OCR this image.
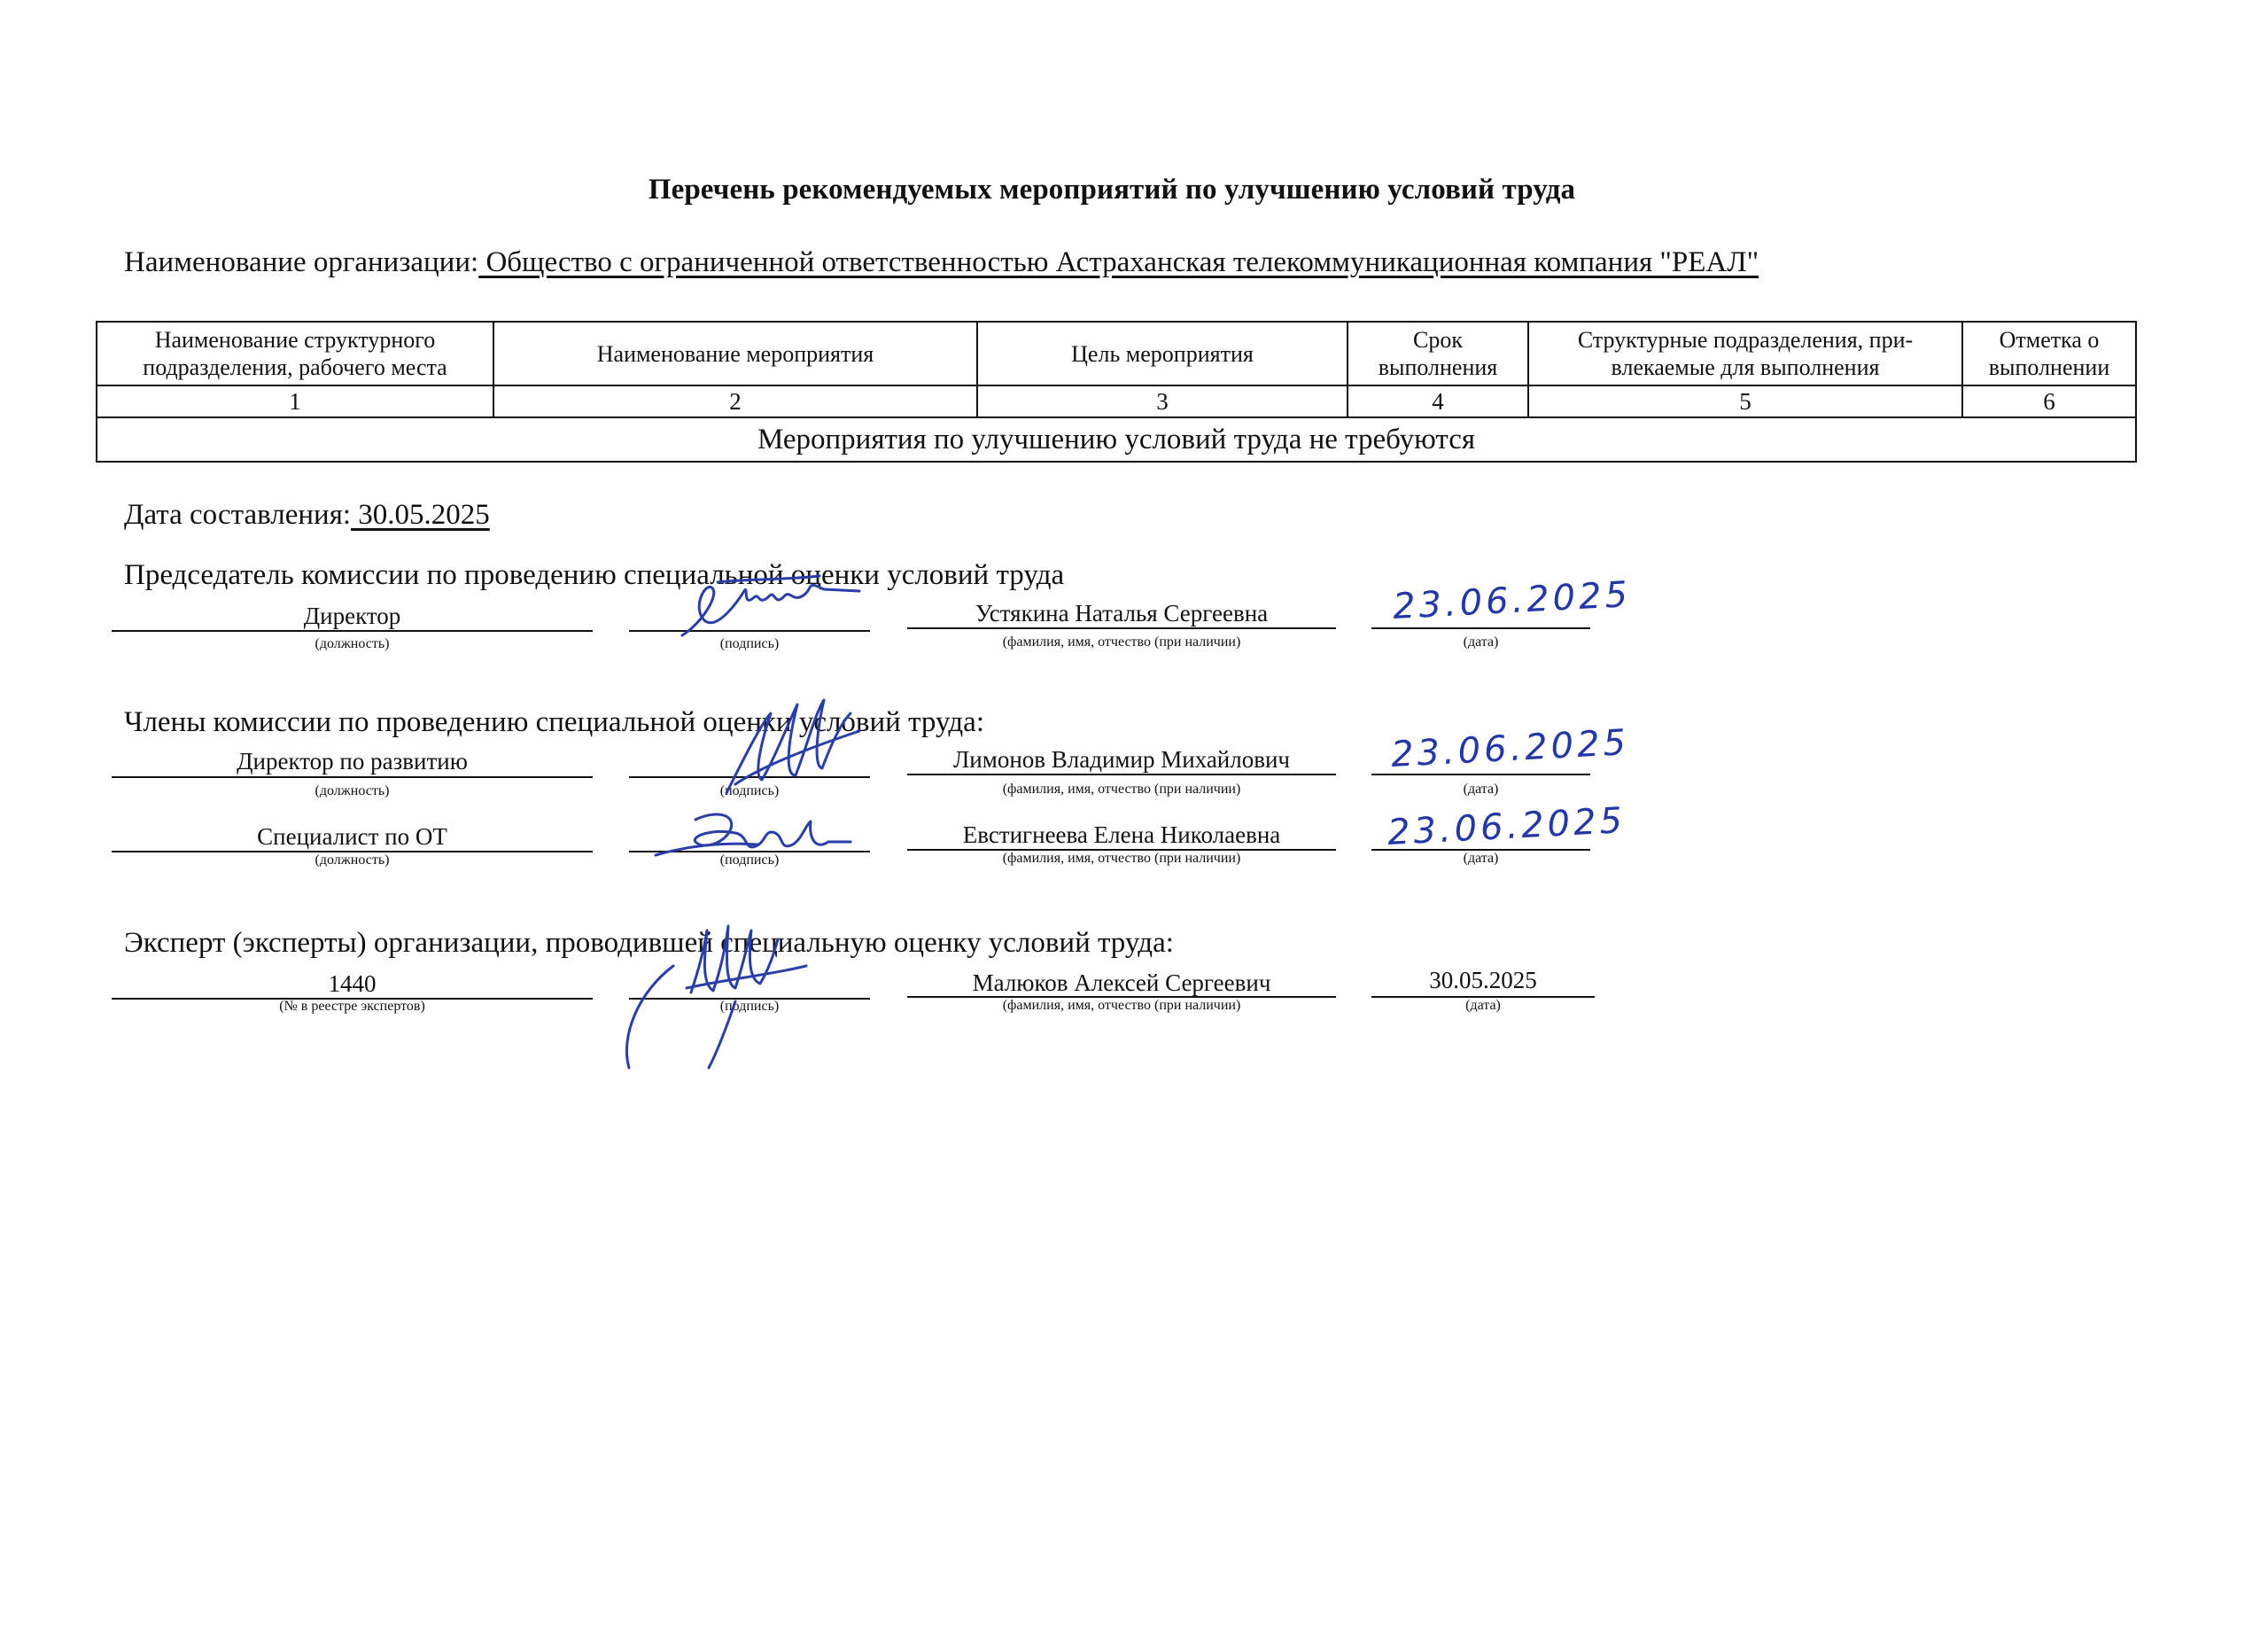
Перечень рекомендуемых мероприятий по улучшению условий труда
Наименование организации: Общество с ограниченной ответственностью Астраханская телекоммуникационная компания "РЕАЛ"
Наименование структурного подразделения, рабочего места	Наименование мероприятия	Цель мероприятия	Срок выполнения	Структурные подразделения, при-влекаемые для выполнения	Отметка о выполнении
1	2	3	4	5	6
Мероприятия по улучшению условий труда не требуются					
Дата составления: 30.05.2025
Председатель комиссии по проведению специальной оценки условий труда
Директор
(должность)	(подпись)
Устякина Наталья Сергеевна
(фамилия, имя, отчество (при наличии)
23.06.2025
(дата)
Члены комиссии по проведению специальной оценки условий труда:
Директор по развитию
(должность)	(подпись)
Лимонов Владимир Михайлович
(фамилия, имя, отчество (при наличии)
23.06.2025
(дата)
Специалист по ОТ
(должность)	(подпись)
Евстигнеева Елена Николаевна
(фамилия, имя, отчество (при наличии)
23.06.2025
(дата)
Эксперт (эксперты) организации, проводившей специальную оценку условий труда:
1440
(№ в реестре экспертов)	(подпись)
Малюков Алексей Сергеевич
(фамилия, имя, отчество (при наличии)
30.05.2025
(дата)
